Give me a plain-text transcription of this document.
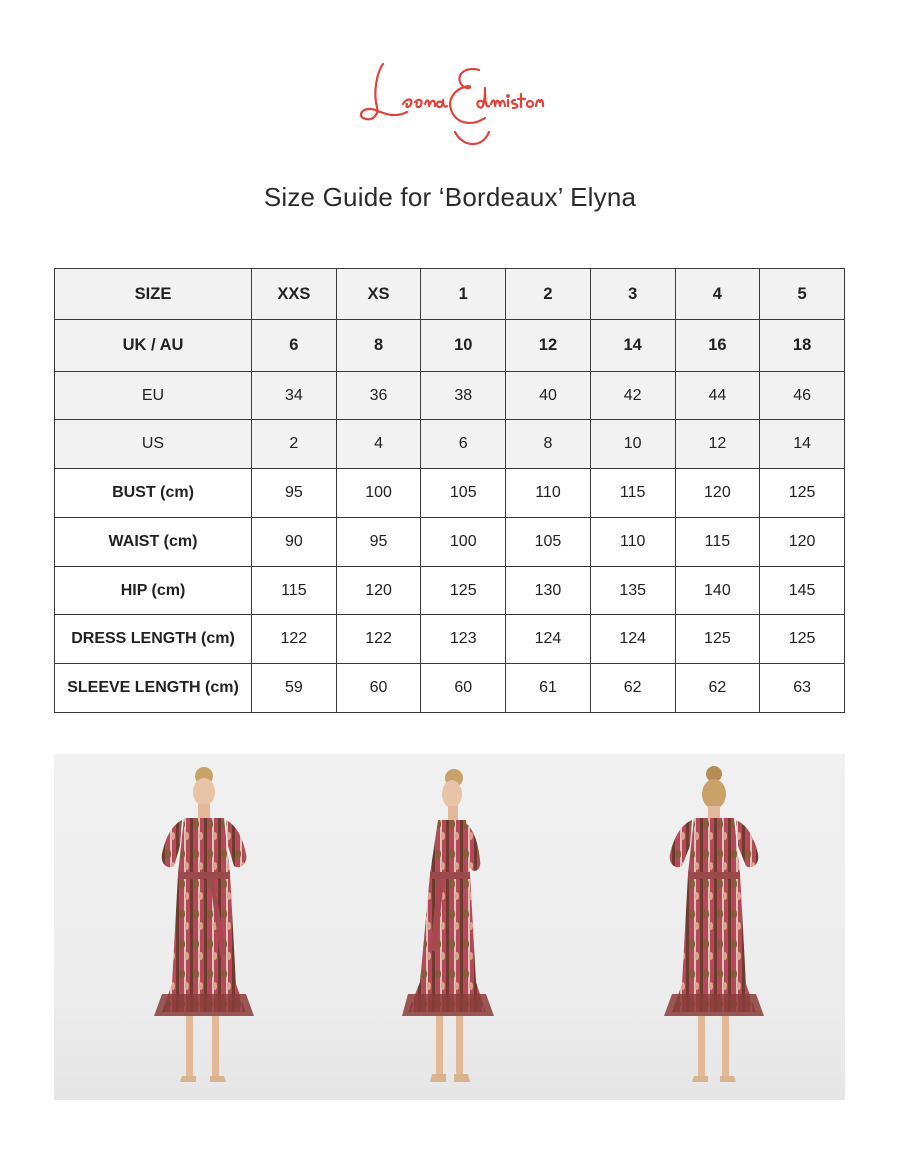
Size Guide for ‘Bordeaux’ Elyna
SIZE	XXS	XS	1	2	3	4	5
UK / AU	6	8	10	12	14	16	18
EU	34	36	38	40	42	44	46
US	2	4	6	8	10	12	14
BUST (cm)	95	100	105	110	115	120	125
WAIST (cm)	90	95	100	105	110	115	120
HIP (cm)	115	120	125	130	135	140	145
DRESS LENGTH (cm)	122	122	123	124	124	125	125
SLEEVE LENGTH (cm)	59	60	60	61	62	62	63
